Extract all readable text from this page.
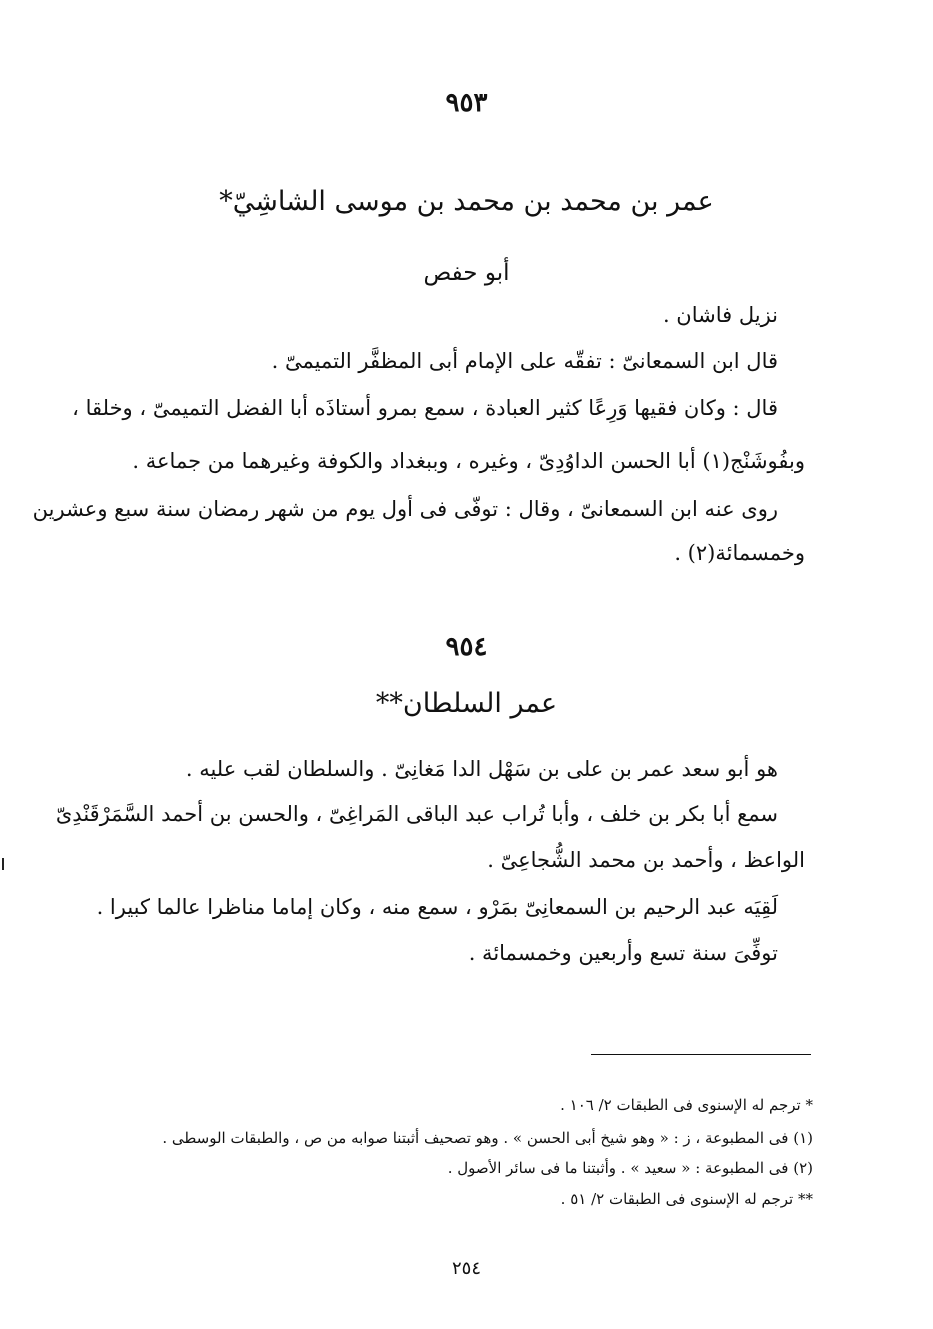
٩٥٣
عمر بن محمد بن محمد بن موسى الشاشِيّ*
أبو حفص
نزيل فاشان .
قال ابن السمعانىّ : تفقّه على الإمام أبى المظفَّر التميمىّ .
قال : وكان فقيها وَرِعًا كثير العبادة ، سمع بمرو أستاذَه أبا الفضل التميمىّ ، وخلقا ،
وبفُوشَنْج(١) أبا الحسن الداوُدِىّ ، وغيره ، وببغداد والكوفة وغيرهما من جماعة .
روى عنه ابن السمعانىّ ، وقال : توفّى فى أول يوم من شهر رمضان سنة سبع وعشرين
وخمسمائة(٢) .
٩٥٤
عمر السلطان**
هو أبو سعد عمر بن على بن سَهْل الدا مَغانِىّ . والسلطان لقب عليه .
سمع أبا بكر بن خلف ، وأبا تُراب عبد الباقى المَراغِىّ ، والحسن بن أحمد السَّمَرْقَنْدِىّ
الواعظ ، وأحمد بن محمد الشُّجاعِىّ .
لَقِيَه عبد الرحيم بن السمعانِىّ بمَرْو ، سمع منه ، وكان إماما مناظرا عالما كبيرا .
توفِّىَ سنة تسع وأربعين وخمسمائة .
* ترجم له الإسنوى فى الطبقات ٢/ ١٠٦ .
(١) فى المطبوعة ، ز : « وهو شيخ أبى الحسن » . وهو تصحيف أثبتنا صوابه من ص ، والطبقات الوسطى .
(٢) فى المطبوعة : « سعيد » . وأثبتنا ما فى سائر الأصول .
** ترجم له الإسنوى فى الطبقات ٢/ ٥١ .
٢٥٤
